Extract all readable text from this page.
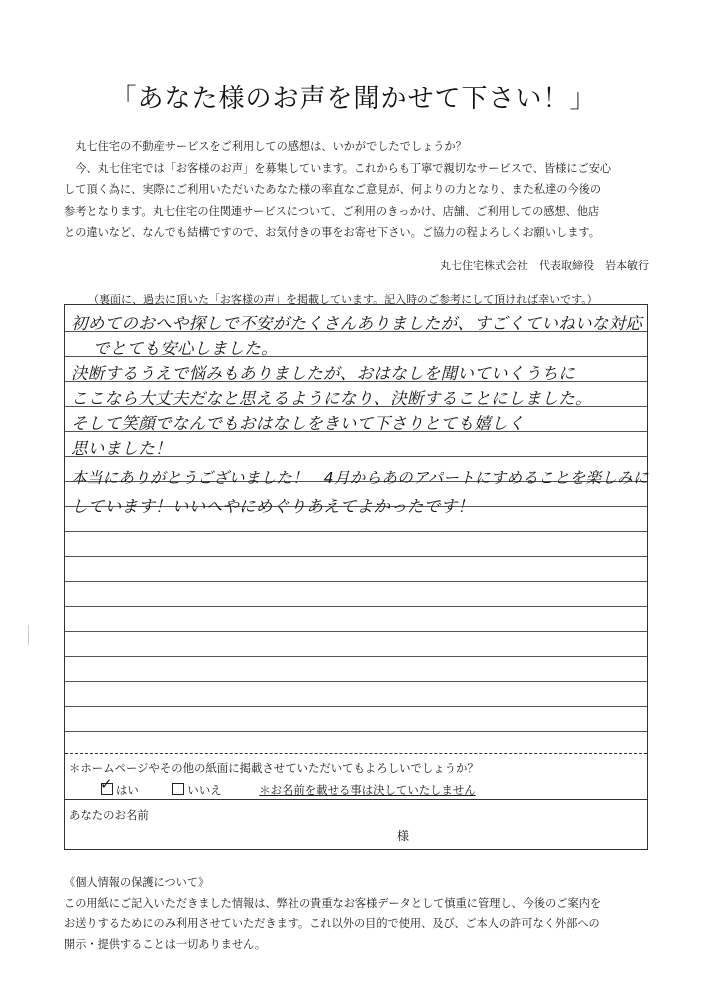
「あなた様のお声を聞かせて下さい！」

丸七住宅の不動産サービスをご利用しての感想は、いかがでしたでしょうか？

今、丸七住宅では「お客様のお声」を募集しています。これからも丁寧で親切なサービスで、皆様にご安心

して頂く為に、実際にご利用いただいたあなた様の率直なご意見が、何よりの力となり、また私達の今後の

参考となります。丸七住宅の住関連サービスについて、ご利用のきっかけ、店舗、ご利用しての感想、他店

との違いなど、なんでも結構ですので、お気付きの事をお寄せ下さい。ご協力の程よろしくお願いします。

丸七住宅株式会社　代表取締役　岩本敏行
（裏面に、過去に頂いた「お客様の声」を掲載しています。記入時のご参考にして頂ければ幸いです。）
初めてのおへや探しで不安がたくさんありましたが、すごくていねいな対応
でとても安心しました。
決断するうえで悩みもありましたが、おはなしを聞いていくうちに
ここなら大丈夫だなと思えるようになり、決断することにしました。
そして笑顔でなんでもおはなしをきいて下さりとても嬉しく
思いました！
本当にありがとうございました！　4月からあのアパートにすめることを楽しみに
しています！いいへやにめぐりあえてよかったです！
＊ホームページやその他の紙面に掲載させていただいてもよろしいでしょうか？
✓ はい	いいえ	＊お名前を載せる事は決していたしません
あなたのお名前
様

《個人情報の保護について》

この用紙にご記入いただきました情報は、弊社の貴重なお客様データとして慎重に管理し、今後のご案内を

お送りするためにのみ利用させていただきます。これ以外の目的で使用、及び、ご本人の許可なく外部への

開示・提供することは一切ありません。
